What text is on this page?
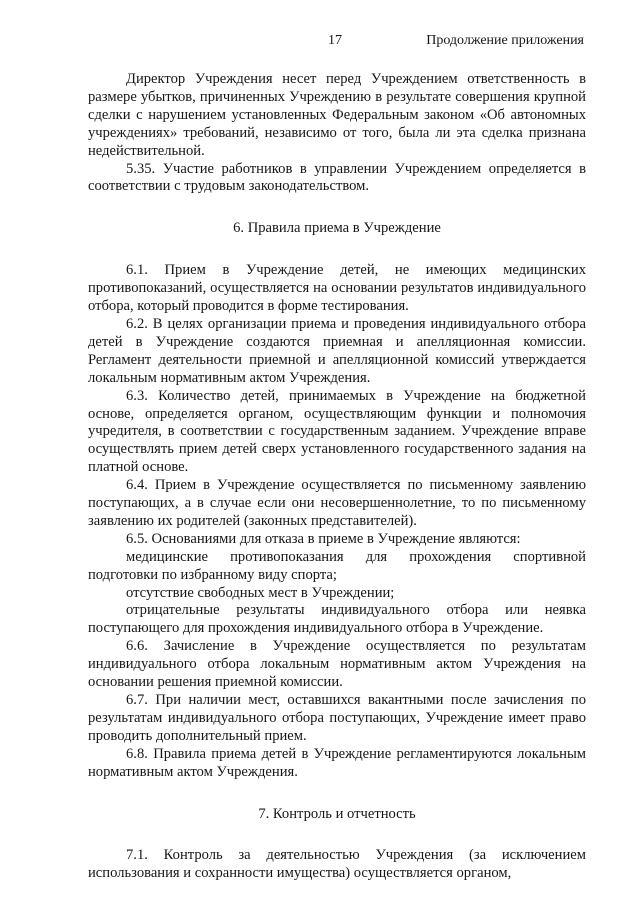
17	Продолжение приложения

Директор Учреждения несет перед Учреждением ответственность в размере убытков, причиненных Учреждению в результате совершения крупной сделки с нарушением установленных Федеральным законом «Об автономных учреждениях» требований, независимо от того, была ли эта сделка признана недействительной.

5.35. Участие работников в управлении Учреждением определяется в соответствии с трудовым законодательством.

6. Правила приема в Учреждение

6.1. Прием в Учреждение детей, не имеющих медицинских противопоказаний, осуществляется на основании результатов индивидуального отбора, который проводится в форме тестирования.

6.2. В целях организации приема и проведения индивидуального отбора детей в Учреждение создаются приемная и апелляционная комиссии. Регламент деятельности приемной и апелляционной комиссий утверждается локальным нормативным актом Учреждения.

6.3. Количество детей, принимаемых в Учреждение на бюджетной основе, определяется органом, осуществляющим функции и полномочия учредителя, в соответствии с государственным заданием. Учреждение вправе осуществлять прием детей сверх установленного государственного задания на платной основе.

6.4. Прием в Учреждение осуществляется по письменному заявлению поступающих, а в случае если они несовершеннолетние, то по письменному заявлению их родителей (законных представителей).

6.5. Основаниями для отказа в приеме в Учреждение являются:

медицинские противопоказания для прохождения спортивной подготовки по избранному виду спорта;

отсутствие свободных мест в Учреждении;

отрицательные результаты индивидуального отбора или неявка поступающего для прохождения индивидуального отбора в Учреждение.

6.6. Зачисление в Учреждение осуществляется по результатам индивидуального отбора локальным нормативным актом Учреждения на основании решения приемной комиссии.

6.7. При наличии мест, оставшихся вакантными после зачисления по результатам индивидуального отбора поступающих, Учреждение имеет право проводить дополнительный прием.

6.8. Правила приема детей в Учреждение регламентируются локальным нормативным актом Учреждения.

7. Контроль и отчетность

7.1. Контроль за деятельностью Учреждения (за исключением использования и сохранности имущества) осуществляется органом,
